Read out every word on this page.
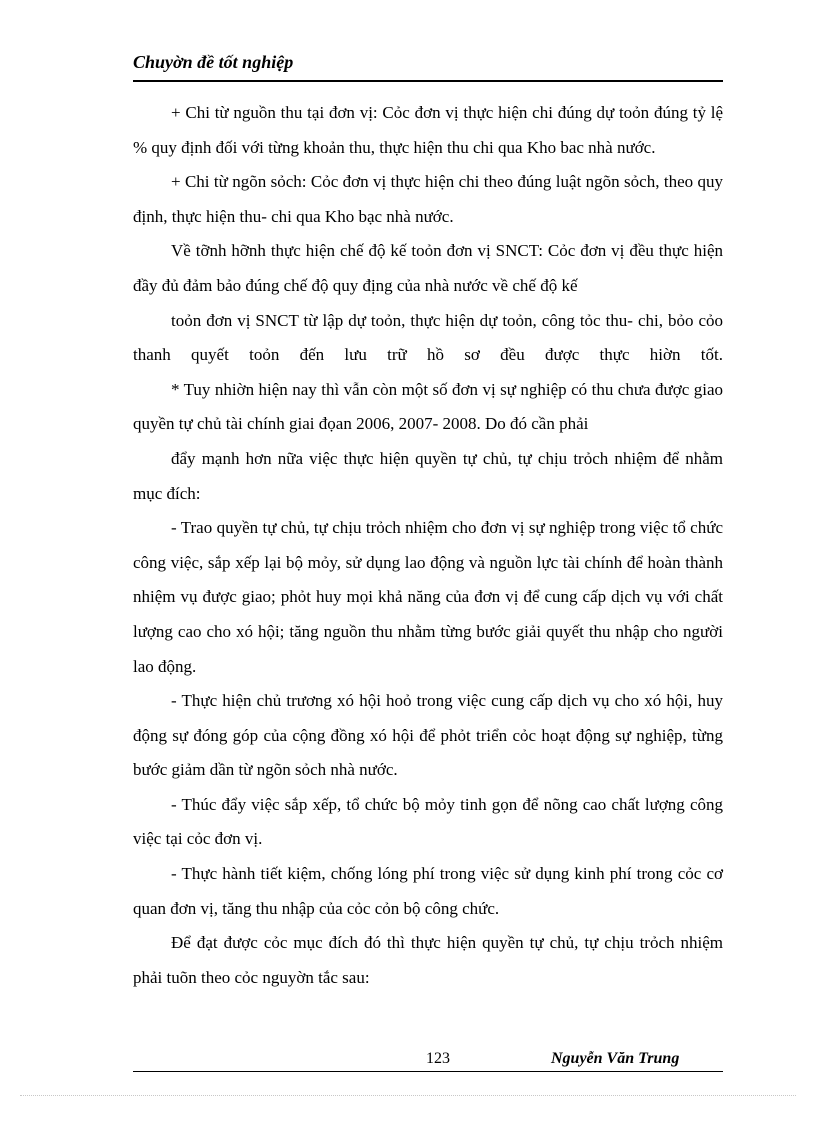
Chuyờn đề tốt nghiệp

+ Chi từ nguồn thu tại đơn vị: Cỏc đơn vị thực hiện chi đúng dự toỏn đúng tỷ lệ % quy định đối với từng khoản thu, thực hiện thu chi qua Kho bac nhà nước.

+ Chi từ ngõn sỏch: Cỏc đơn vị thực hiện chi theo đúng luật ngõn sỏch, theo quy định, thực hiện thu- chi qua Kho bạc nhà nước.

Về tỡnh hỡnh thực hiện chế độ kế toỏn đơn vị SNCT: Cỏc đơn vị đều thực hiện đầy đủ đảm bảo đúng chế độ quy địng của nhà nước về chế độ kế

toỏn đơn vị SNCT từ lập dự toỏn, thực hiện dự toỏn, công tỏc thu- chi, bỏo cỏo thanh quyết toỏn đến lưu trữ hồ sơ đều được thực hiờn tốt.

* Tuy nhiờn hiện nay thì vẫn còn một số đơn vị sự nghiệp có thu chưa được giao quyền tự chủ tài chính giai đọan 2006, 2007- 2008. Do đó cần phải

đẩy mạnh hơn nữa việc thực hiện quyền tự chủ, tự chịu trỏch nhiệm để nhằm mục đích:

- Trao quyền tự chủ, tự chịu trỏch nhiệm cho đơn vị sự nghiệp trong việc tổ chức công việc, sắp xếp lại bộ mỏy, sử dụng lao động và nguồn lực tài chính để hoàn thành nhiệm vụ được giao; phỏt huy mọi khả năng của đơn vị để cung cấp dịch vụ với chất lượng cao cho xó hội; tăng nguồn thu nhằm từng bước giải quyết thu nhập cho người lao động.

- Thực hiện chủ trương xó hội hoỏ trong việc cung cấp dịch vụ cho xó hội, huy động sự đóng góp của cộng đồng xó hội để phỏt triển cỏc hoạt động sự nghiệp, từng bước giảm dần từ ngõn sỏch nhà nước.

- Thúc đẩy việc sắp xếp, tổ chức bộ mỏy tinh gọn để nõng cao chất lượng công việc tại cỏc đơn vị.

- Thực hành tiết kiệm, chống lóng phí trong việc sử dụng kinh phí trong cỏc cơ quan đơn vị, tăng thu nhập của cỏc cỏn bộ công chức.

Để đạt được cỏc mục đích đó thì thực hiện quyền tự chủ, tự chịu trỏch nhiệm phải tuõn theo cỏc nguyờn tắc sau:

123	Nguyễn Văn Trung
